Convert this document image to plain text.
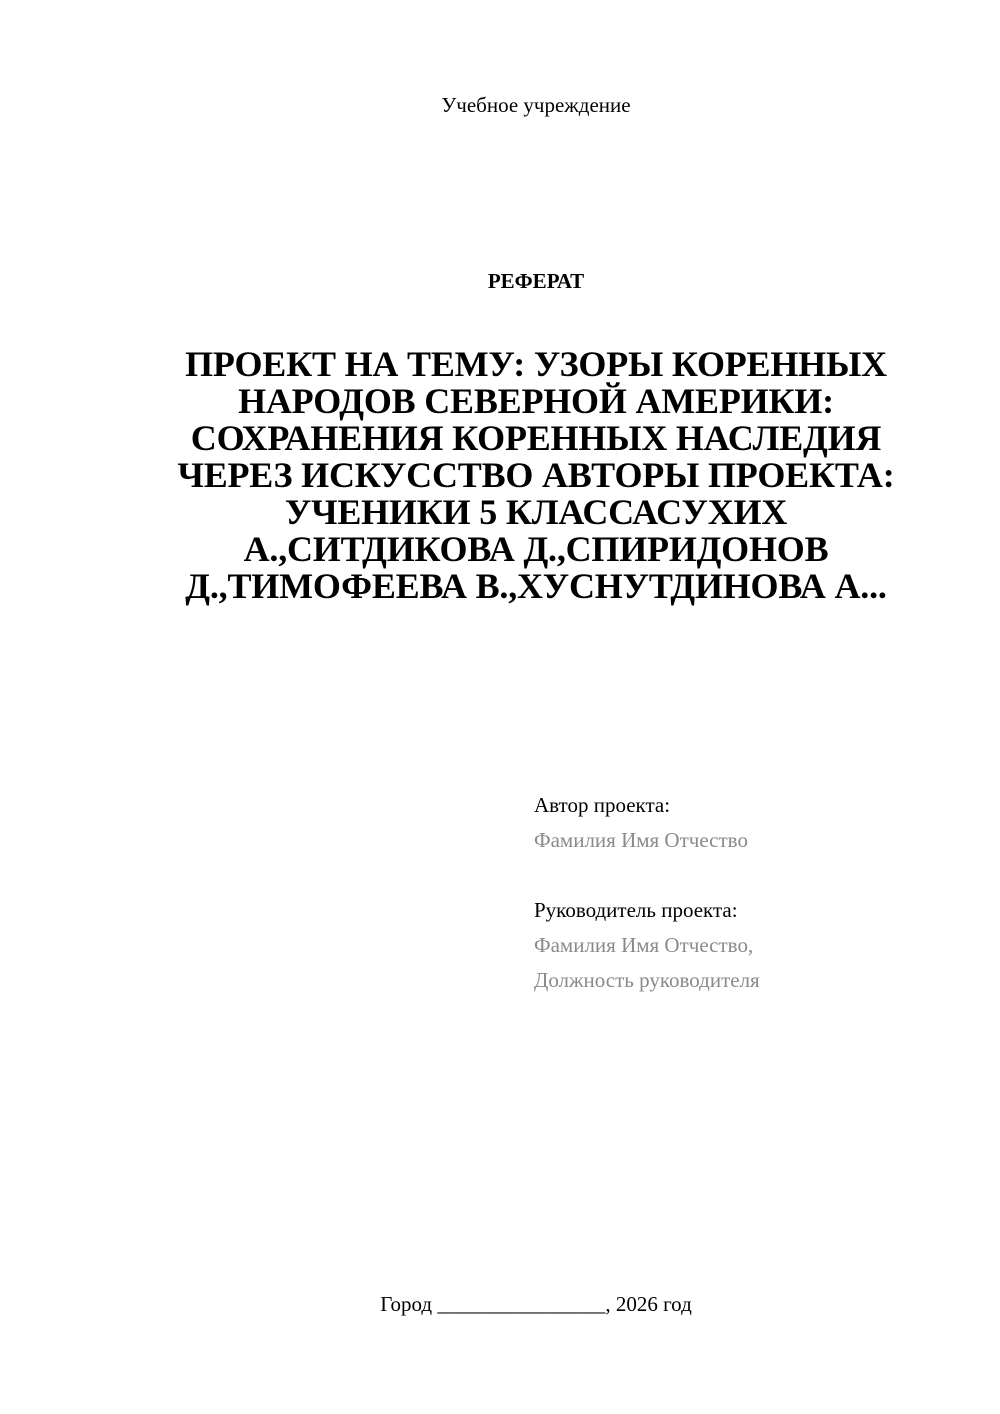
Учебное учреждение
РЕФЕРАТ
ПРОЕКТ НА ТЕМУ: УЗОРЫ КОРЕННЫХ
НАРОДОВ СЕВЕРНОЙ АМЕРИКИ:
СОХРАНЕНИЯ КОРЕННЫХ НАСЛЕДИЯ
ЧЕРЕЗ ИСКУССТВО АВТОРЫ ПРОЕКТА:
УЧЕНИКИ 5 КЛАССАСУХИХ
А.,СИТДИКОВА Д.,СПИРИДОНОВ
Д.,ТИМОФЕЕВА В.,ХУСНУТДИНОВА А...
Автор проекта:
Фамилия Имя Отчество
Руководитель проекта:
Фамилия Имя Отчество,
Должность руководителя
Город ________________, 2026 год
